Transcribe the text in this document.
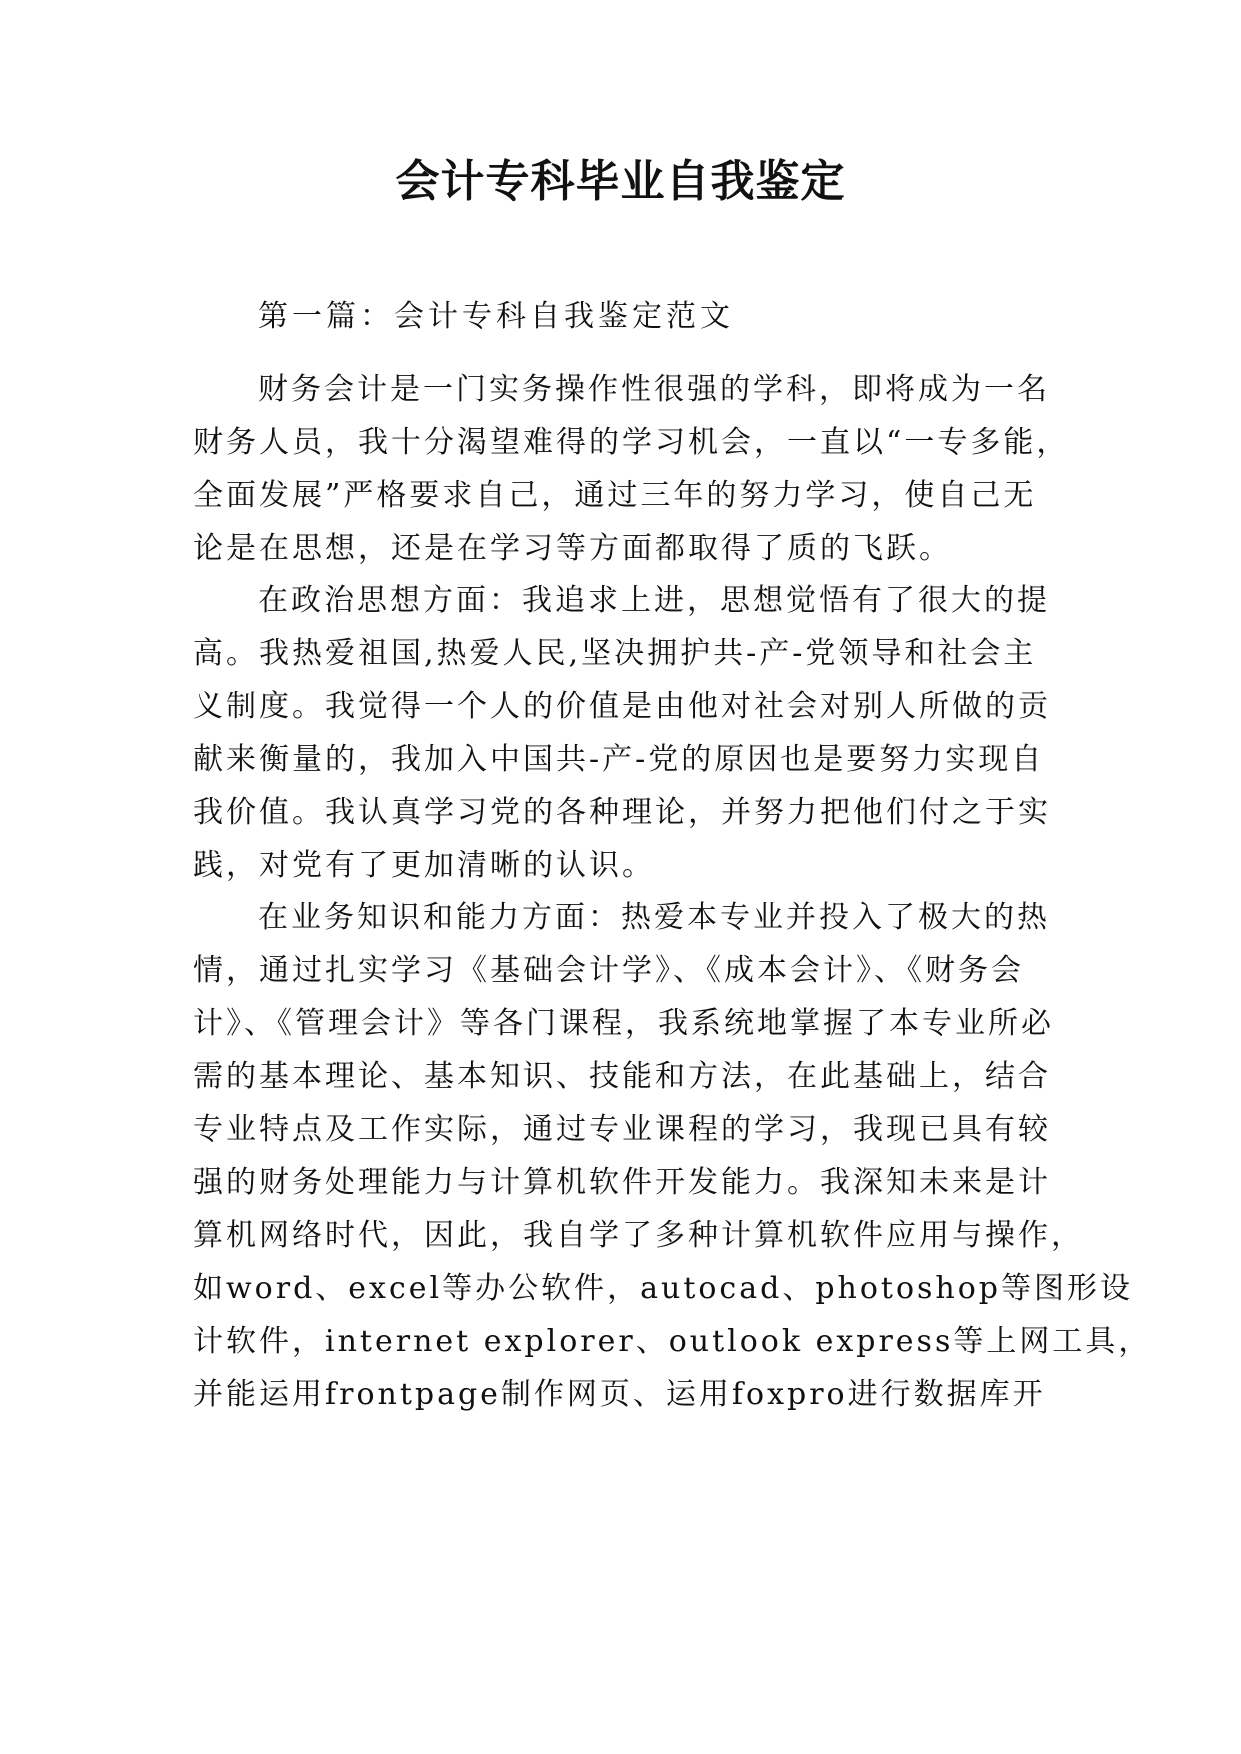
会计专科毕业自我鉴定

第一篇：会计专科自我鉴定范文

财务会计是一门实务操作性很强的学科，即将成为一名

财务人员，我十分渴望难得的学习机会，一直以“一专多能，

全面发展”严格要求自己，通过三年的努力学习，使自己无

论是在思想，还是在学习等方面都取得了质的飞跃。

在政治思想方面：我追求上进，思想觉悟有了很大的提

高。我热爱祖国,热爱人民,坚决拥护共-产-党领导和社会主

义制度。我觉得一个人的价值是由他对社会对别人所做的贡

献来衡量的，我加入中国共-产-党的原因也是要努力实现自

我价值。我认真学习党的各种理论，并努力把他们付之于实

践，对党有了更加清晰的认识。

在业务知识和能力方面：热爱本专业并投入了极大的热

情，通过扎实学习《基础会计学》、《成本会计》、《财务会

计》、《管理会计》等各门课程，我系统地掌握了本专业所必

需的基本理论、基本知识、技能和方法，在此基础上，结合

专业特点及工作实际，通过专业课程的学习，我现已具有较

强的财务处理能力与计算机软件开发能力。我深知未来是计

算机网络时代，因此，我自学了多种计算机软件应用与操作，

如word、excel等办公软件，autocad、photoshop等图形设

计软件，internet explorer、outlook express等上网工具，

并能运用frontpage制作网页、运用foxpro进行数据库开
